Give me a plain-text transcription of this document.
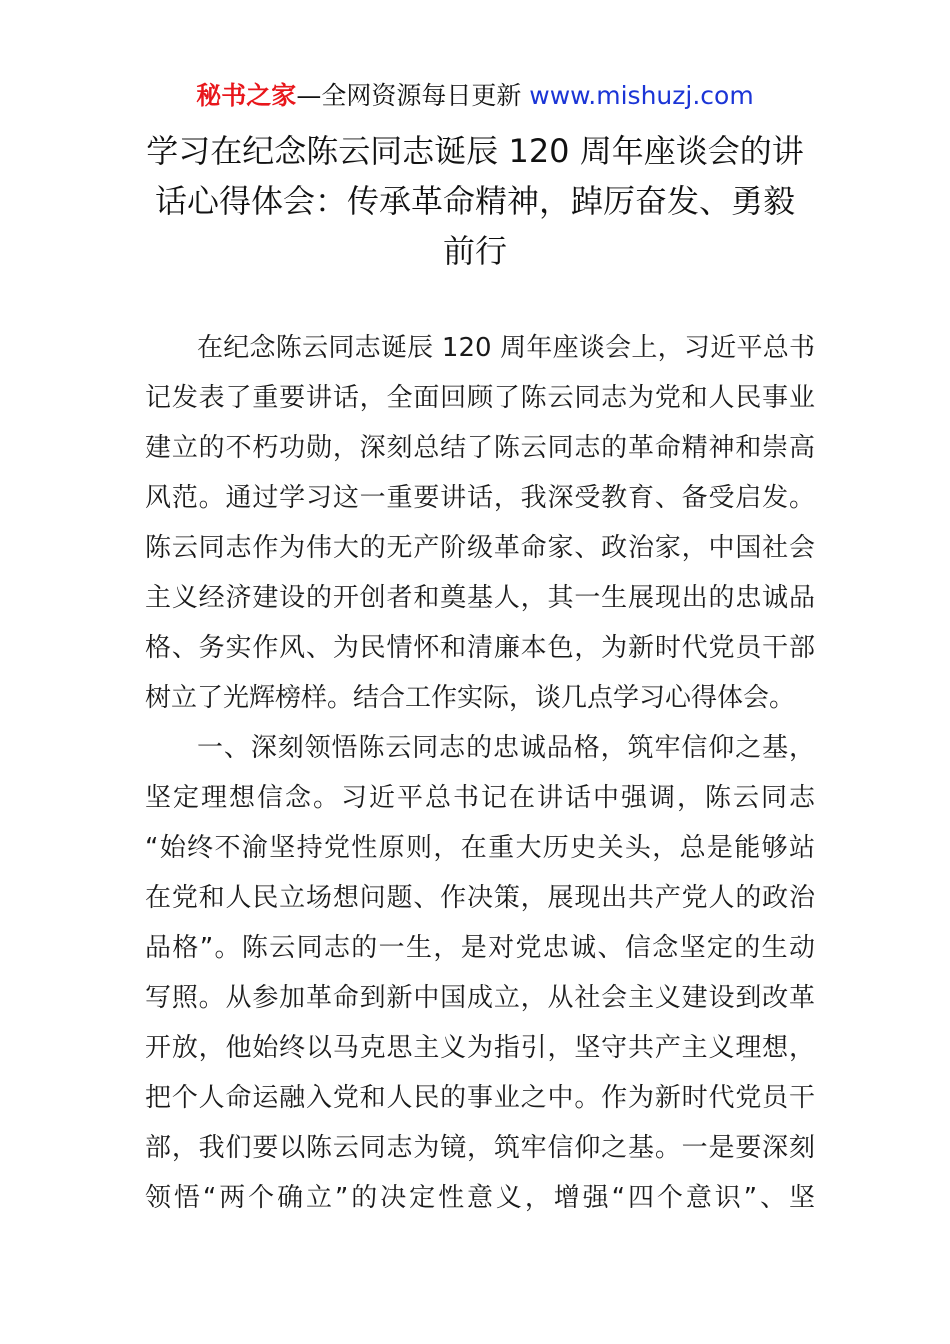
秘书之家—全网资源每日更新 www.mishuzj.com
学习在纪念陈云同志诞辰 120 周年座谈会的讲
话心得体会：传承革命精神，踔厉奋发、勇毅
前行
在纪念陈云同志诞辰 120 周年座谈会上，习近平总书
记发表了重要讲话，全面回顾了陈云同志为党和人民事业
建立的不朽功勋，深刻总结了陈云同志的革命精神和崇高
风范。通过学习这一重要讲话，我深受教育、备受启发。
陈云同志作为伟大的无产阶级革命家、政治家，中国社会
主义经济建设的开创者和奠基人，其一生展现出的忠诚品
格、务实作风、为民情怀和清廉本色，为新时代党员干部
树立了光辉榜样。结合工作实际，谈几点学习心得体会。
一、深刻领悟陈云同志的忠诚品格，筑牢信仰之基，
坚定理想信念。习近平总书记在讲话中强调，陈云同志
“始终不渝坚持党性原则，在重大历史关头，总是能够站
在党和人民立场想问题、作决策，展现出共产党人的政治
品格”。陈云同志的一生，是对党忠诚、信念坚定的生动
写照。从参加革命到新中国成立，从社会主义建设到改革
开放，他始终以马克思主义为指引，坚守共产主义理想，
把个人命运融入党和人民的事业之中。作为新时代党员干
部，我们要以陈云同志为镜，筑牢信仰之基。一是要深刻
领悟“两个确立”的决定性意义，增强“四个意识”、坚
